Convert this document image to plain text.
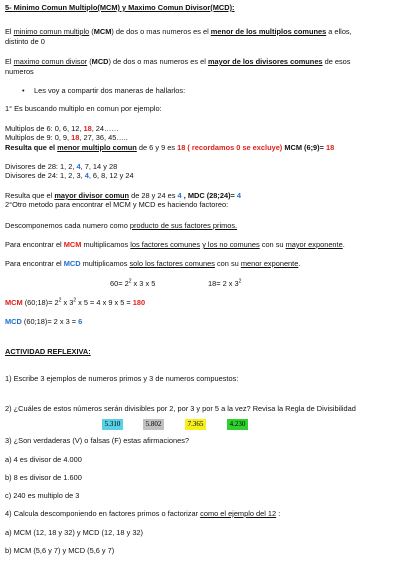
5- Minimo Comun Multiplo(MCM) y Maximo Comun Divisor(MCD):
El minimo comun multiplo (MCM) de dos o mas numeros es el menor de los multiplos comunes a ellos,
distinto de 0
El maximo comun divisor (MCD) de dos o mas numeros es el mayor de los divisores comunes de esos
numeros
• Les voy a compartir dos maneras de hallarlos:
1° Es buscando multiplo en comun por ejemplo:
Multiplos de 6: 0, 6, 12, 18, 24……
Multiplos de 9: 0, 9, 18, 27, 36, 45…..
Resulta que el menor multiplo comun de 6 y 9 es 18 ( recordamos 0 se excluye) MCM (6;9)= 18
Divisores de 28: 1, 2, 4, 7, 14 y 28
Divisores de 24: 1, 2, 3, 4, 6, 8, 12 y 24
Resulta que el mayor divisor comun de 28 y 24 es 4 , MDC (28;24)= 4
2°Otro metodo para encontrar el MCM y MCD es haciendo factoreo:
Descomponemos cada numero como producto de sus factores primos.
Para encontrar el MCM multiplicamos los factores comunes y los no comunes con su mayor exponente.
Para encontrar el MCD multiplicamos solo los factores comunes con su menor exponente.
$60= 2^2$ x 3 x 5	18= 2 x $3^2$
MCM (60;18)= $2^2$ x $3^2$ x 5 = 4 x 9 x 5 = 180
MCD (60;18)= 2 x 3 = 6
ACTIVIDAD REFLEXIVA:
1) Escribe 3 ejemplos de numeros primos y 3 de numeros compuestos:
2) ¿Cuáles de estos números serán divisibles por 2, por 3 y por 5 a la vez? Revisa la Regla de Divisibilidad
5.310	5.802	7.365	4.230
3) ¿Son verdaderas (V) o falsas (F) estas afirmaciones?
a) 4 es divisor de 4.000
b) 8 es divisor de 1.600
c) 240 es multiplo de 3
4) Calcula descomponiendo en factores primos o factorizar como el ejemplo del 12 :
a) MCM (12, 18 y 32) y MCD (12, 18 y 32)
b) MCM (5,6 y 7) y MCD (5,6 y 7)
